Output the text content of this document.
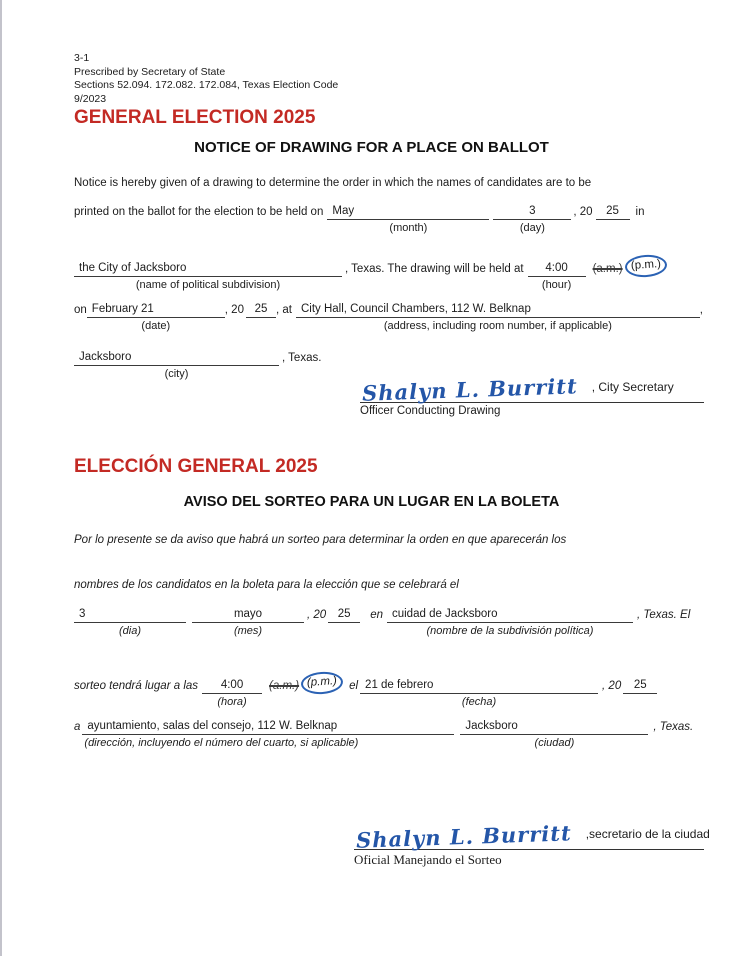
3-1
Prescribed by Secretary of State
Sections 52.094. 172.082. 172.084, Texas Election Code
9/2023
GENERAL ELECTION 2025
NOTICE OF DRAWING FOR A PLACE ON BALLOT
Notice is hereby given of a drawing to determine the order in which the names of candidates are to be
printed on the ballot for the election to be held on May
(month)
3
(day)
, 20	25	in
the City of Jacksboro
(name of political subdivision)
, Texas. The drawing will be held at	4:00
(hour)
(a.m.) (p.m.)
on February 21
(date)
, 20 25 , at City Hall, Council Chambers, 112 W. Belknap
(address, including room number, if applicable)
,
Jacksboro
(city)
, Texas.
Shalyn L. Burritt	, City Secretary
Officer Conducting Drawing
ELECCIÓN GENERAL 2025
AVISO DEL SORTEO PARA UN LUGAR EN LA BOLETA
Por lo presente se da aviso que habrá un sorteo para determinar la orden en que aparecerán los
nombres de los candidatos en la boleta para la elección que se celebrará el
3
(dia)
mayo
(mes)
, 20	25	en cuidad de Jacksboro
(nombre de la subdivisión política)
, Texas. El
sorteo tendrá lugar a las	4:00
(hora)
(a.m.) (p.m.)	el 21 de febrero
(fecha)
, 20	25
a ayuntamiento, salas del consejo, 112 W. Belknap
(dirección, incluyendo el número del cuarto, si aplicable)
Jacksboro
(ciudad)
, Texas.
Shalyn L. Burritt	,secretario de la ciudad
Oficial Manejando el Sorteo
